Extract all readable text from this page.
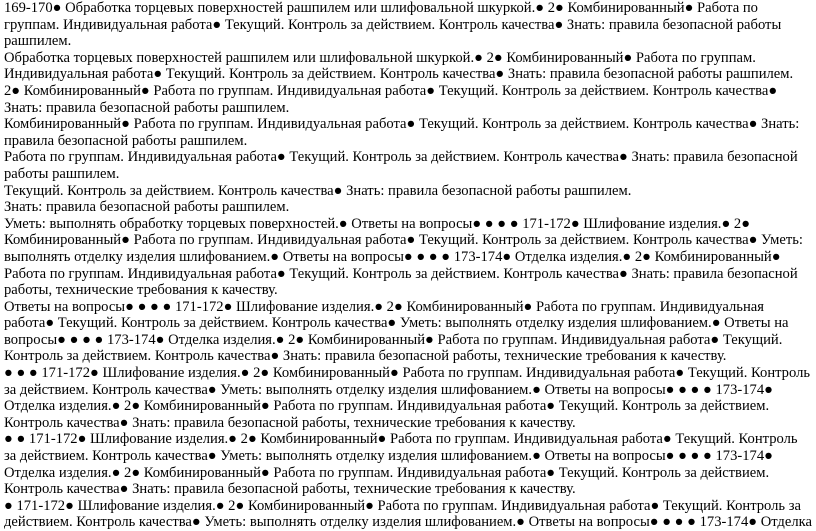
169-170● Обработка торцевых поверхностей рашпилем или шлифовальной шкуркой.● 2● Комбинированный● Работа по группам. Индивидуальная работа● Текущий. Контроль за действием. Контроль качества● Знать: правила безопасной работы рашпилем.

Обработка торцевых поверхностей рашпилем или шлифовальной шкуркой.● 2● Комбинированный● Работа по группам. Индивидуальная работа● Текущий. Контроль за действием. Контроль качества● Знать: правила безопасной работы рашпилем.

2● Комбинированный● Работа по группам. Индивидуальная работа● Текущий. Контроль за действием. Контроль качества● Знать: правила безопасной работы рашпилем.

Комбинированный● Работа по группам. Индивидуальная работа● Текущий. Контроль за действием. Контроль качества● Знать: правила безопасной работы рашпилем.

Работа по группам. Индивидуальная работа● Текущий. Контроль за действием. Контроль качества● Знать: правила безопасной работы рашпилем.

Текущий. Контроль за действием. Контроль качества● Знать: правила безопасной работы рашпилем.

Знать: правила безопасной работы рашпилем.

Уметь: выполнять обработку торцевых поверхностей.● Ответы на вопросы● ● ● ● 171-172● Шлифование изделия.● 2● Комбинированный● Работа по группам. Индивидуальная работа● Текущий. Контроль за действием. Контроль качества● Уметь: выполнять отделку изделия шлифованием.● Ответы на вопросы● ● ● ● 173-174● Отделка изделия.● 2● Комбинированный● Работа по группам. Индивидуальная работа● Текущий. Контроль за действием. Контроль качества● Знать: правила безопасной работы, технические требования к качеству.

Ответы на вопросы● ● ● ● 171-172● Шлифование изделия.● 2● Комбинированный● Работа по группам. Индивидуальная работа● Текущий. Контроль за действием. Контроль качества● Уметь: выполнять отделку изделия шлифованием.● Ответы на вопросы● ● ● ● 173-174● Отделка изделия.● 2● Комбинированный● Работа по группам. Индивидуальная работа● Текущий. Контроль за действием. Контроль качества● Знать: правила безопасной работы, технические требования к качеству.

● ● ● 171-172● Шлифование изделия.● 2● Комбинированный● Работа по группам. Индивидуальная работа● Текущий. Контроль за действием. Контроль качества● Уметь: выполнять отделку изделия шлифованием.● Ответы на вопросы● ● ● ● 173-174● Отделка изделия.● 2● Комбинированный● Работа по группам. Индивидуальная работа● Текущий. Контроль за действием. Контроль качества● Знать: правила безопасной работы, технические требования к качеству.

● ● 171-172● Шлифование изделия.● 2● Комбинированный● Работа по группам. Индивидуальная работа● Текущий. Контроль за действием. Контроль качества● Уметь: выполнять отделку изделия шлифованием.● Ответы на вопросы● ● ● ● 173-174● Отделка изделия.● 2● Комбинированный● Работа по группам. Индивидуальная работа● Текущий. Контроль за действием. Контроль качества● Знать: правила безопасной работы, технические требования к качеству.

● 171-172● Шлифование изделия.● 2● Комбинированный● Работа по группам. Индивидуальная работа● Текущий. Контроль за действием. Контроль качества● Уметь: выполнять отделку изделия шлифованием.● Ответы на вопросы● ● ● ● 173-174● Отделка
